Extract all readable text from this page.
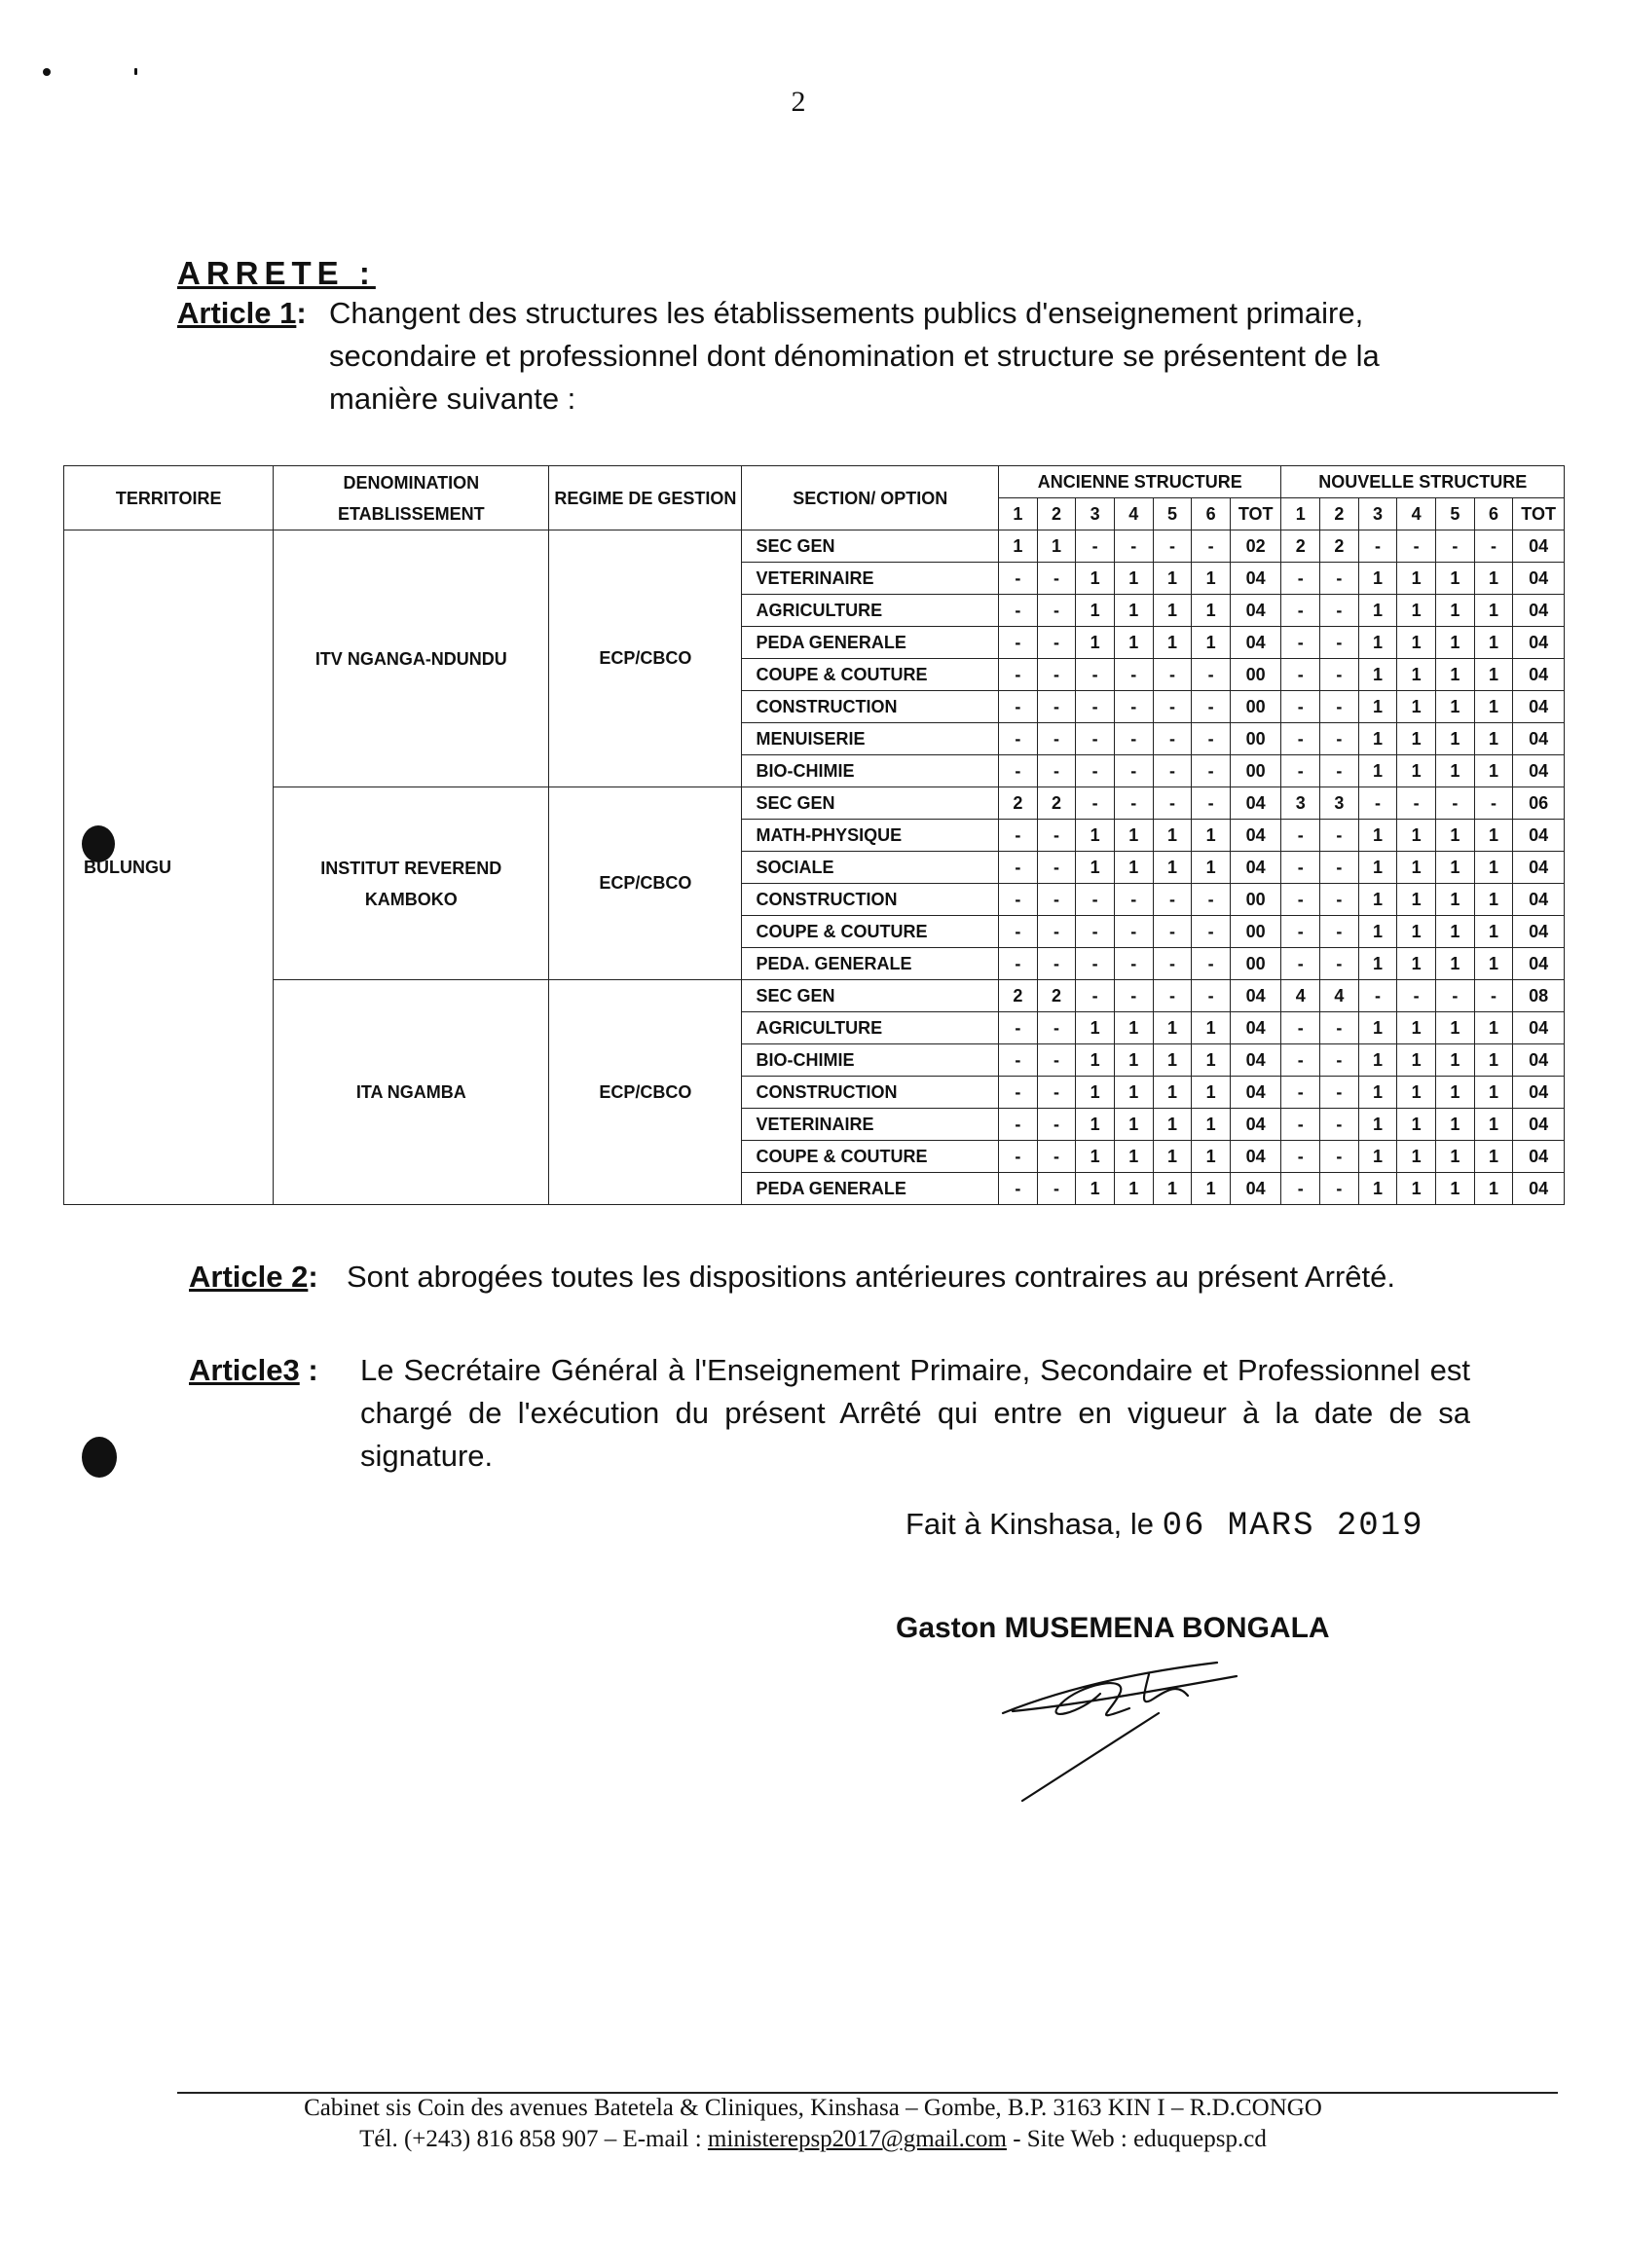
2
ARRETE :
Article 1: Changent des structures les établissements publics d'enseignement primaire, secondaire et professionnel dont dénomination et structure se présentent de la manière suivante :
TERRITOIRE	DENOMINATION ETABLISSEMENT	REGIME DE GESTION	SECTION/ OPTION	ANCIENNE STRUCTURE							NOUVELLE STRUCTURE						
				1	2	3	4	5	6	TOT	1	2	3	4	5	6	TOT
BULUNGU	ITV NGANGA-NDUNDU	ECP/CBCO	SEC GEN	1	1	-	-	-	-	02	2	2	-	-	-	-	04
			VETERINAIRE	-	-	1	1	1	1	04	-	-	1	1	1	1	04
			AGRICULTURE	-	-	1	1	1	1	04	-	-	1	1	1	1	04
			PEDA GENERALE	-	-	1	1	1	1	04	-	-	1	1	1	1	04
			COUPE & COUTURE	-	-	-	-	-	-	00	-	-	1	1	1	1	04
			CONSTRUCTION	-	-	-	-	-	-	00	-	-	1	1	1	1	04
			MENUISERIE	-	-	-	-	-	-	00	-	-	1	1	1	1	04
			BIO-CHIMIE	-	-	-	-	-	-	00	-	-	1	1	1	1	04
	INSTITUT REVEREND KAMBOKO	ECP/CBCO	SEC GEN	2	2	-	-	-	-	04	3	3	-	-	-	-	06
			MATH-PHYSIQUE	-	-	1	1	1	1	04	-	-	1	1	1	1	04
			SOCIALE	-	-	1	1	1	1	04	-	-	1	1	1	1	04
			CONSTRUCTION	-	-	-	-	-	-	00	-	-	1	1	1	1	04
			COUPE & COUTURE	-	-	-	-	-	-	00	-	-	1	1	1	1	04
			PEDA. GENERALE	-	-	-	-	-	-	00	-	-	1	1	1	1	04
	ITA NGAMBA	ECP/CBCO	SEC GEN	2	2	-	-	-	-	04	4	4	-	-	-	-	08
			AGRICULTURE	-	-	1	1	1	1	04	-	-	1	1	1	1	04
			BIO-CHIMIE	-	-	1	1	1	1	04	-	-	1	1	1	1	04
			CONSTRUCTION	-	-	1	1	1	1	04	-	-	1	1	1	1	04
			VETERINAIRE	-	-	1	1	1	1	04	-	-	1	1	1	1	04
			COUPE & COUTURE	-	-	1	1	1	1	04	-	-	1	1	1	1	04
			PEDA GENERALE	-	-	1	1	1	1	04	-	-	1	1	1	1	04
Article 2: Sont abrogées toutes les dispositions antérieures contraires au présent Arrêté.
Article3 : Le Secrétaire Général à l'Enseignement Primaire, Secondaire et Professionnel est chargé de l'exécution du présent Arrêté qui entre en vigueur à la date de sa signature.
Fait à Kinshasa, le 06 MARS 2019
Gaston MUSEMENA BONGALA
Cabinet sis Coin des avenues Batetela & Cliniques, Kinshasa – Gombe, B.P. 3163 KIN I – R.D.CONGO
Tél. (+243) 816 858 907 – E-mail : ministerepsp2017@gmail.com - Site Web : eduquepsp.cd
